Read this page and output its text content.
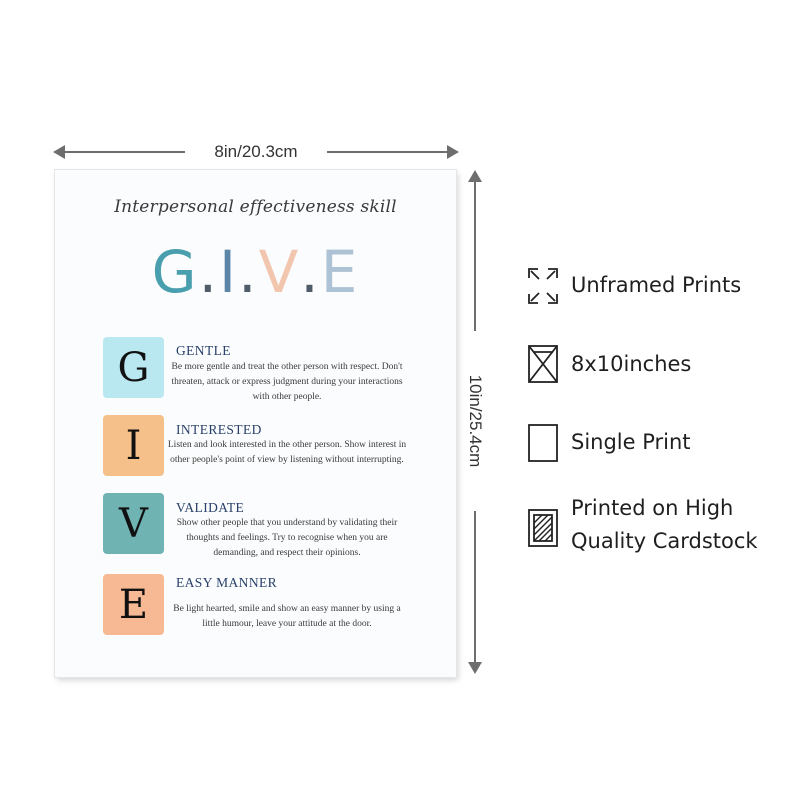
8in/20.3cm
10in/25.4cm
Interpersonal effectiveness skill
G.I.V.E
G	GENTLE
Be more gentle and treat the other person with respect. Don't threaten, attack or express judgment during your interactions with other people.
I	INTERESTED
Listen and look interested in the other person. Show interest in other people's point of view by listening without interrupting.
V	VALIDATE
Show other people that you understand by validating their thoughts and feelings. Try to recognise when you are demanding, and respect their opinions.
E	EASY MANNER
Be light hearted, smile and show an easy manner by using a little humour, leave your attitude at the door.
Unframed Prints
8x10inches
Single Print
Printed on High Quality Cardstock
